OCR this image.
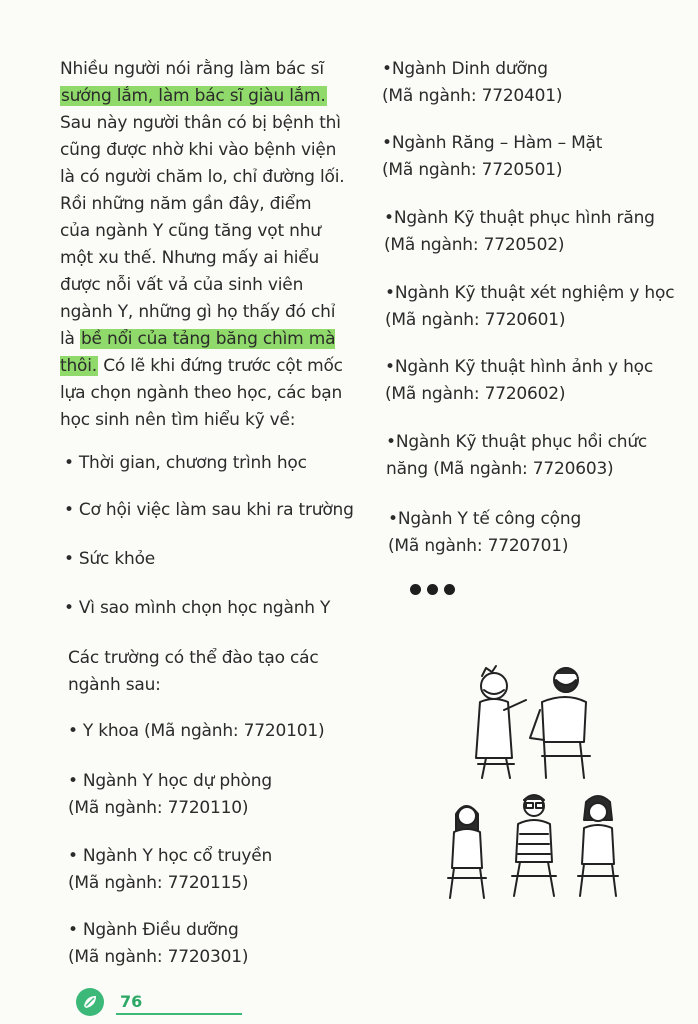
Nhiều người nói rằng làm bác sĩ sướng lắm, làm bác sĩ giàu lắm. Sau này người thân có bị bệnh thì cũng được nhờ khi vào bệnh viện là có người chăm lo, chỉ đường lối. Rồi những năm gần đây, điểm của ngành Y cũng tăng vọt như một xu thế. Nhưng mấy ai hiểu được nỗi vất vả của sinh viên ngành Y, những gì họ thấy đó chỉ là bề nổi của tảng băng chìm mà thôi. Có lẽ khi đứng trước cột mốc lựa chọn ngành theo học, các bạn học sinh nên tìm hiểu kỹ về:
• Thời gian, chương trình học
• Cơ hội việc làm sau khi ra trường
• Sức khỏe
• Vì sao mình chọn học ngành Y
Các trường có thể đào tạo các ngành sau:
• Y khoa (Mã ngành: 7720101)
• Ngành Y học dự phòng
(Mã ngành: 7720110)
• Ngành Y học cổ truyền
(Mã ngành: 7720115)
• Ngành Điều dưỡng
(Mã ngành: 7720301)
•Ngành Dinh dưỡng
(Mã ngành: 7720401)
•Ngành Răng – Hàm – Mặt
(Mã ngành: 7720501)
•Ngành Kỹ thuật phục hình răng
(Mã ngành: 7720502)
•Ngành Kỹ thuật xét nghiệm y học
(Mã ngành: 7720601)
•Ngành Kỹ thuật hình ảnh y học
(Mã ngành: 7720602)
•Ngành Kỹ thuật phục hồi chức năng (Mã ngành: 7720603)
•Ngành Y tế công cộng
(Mã ngành: 7720701)
76
